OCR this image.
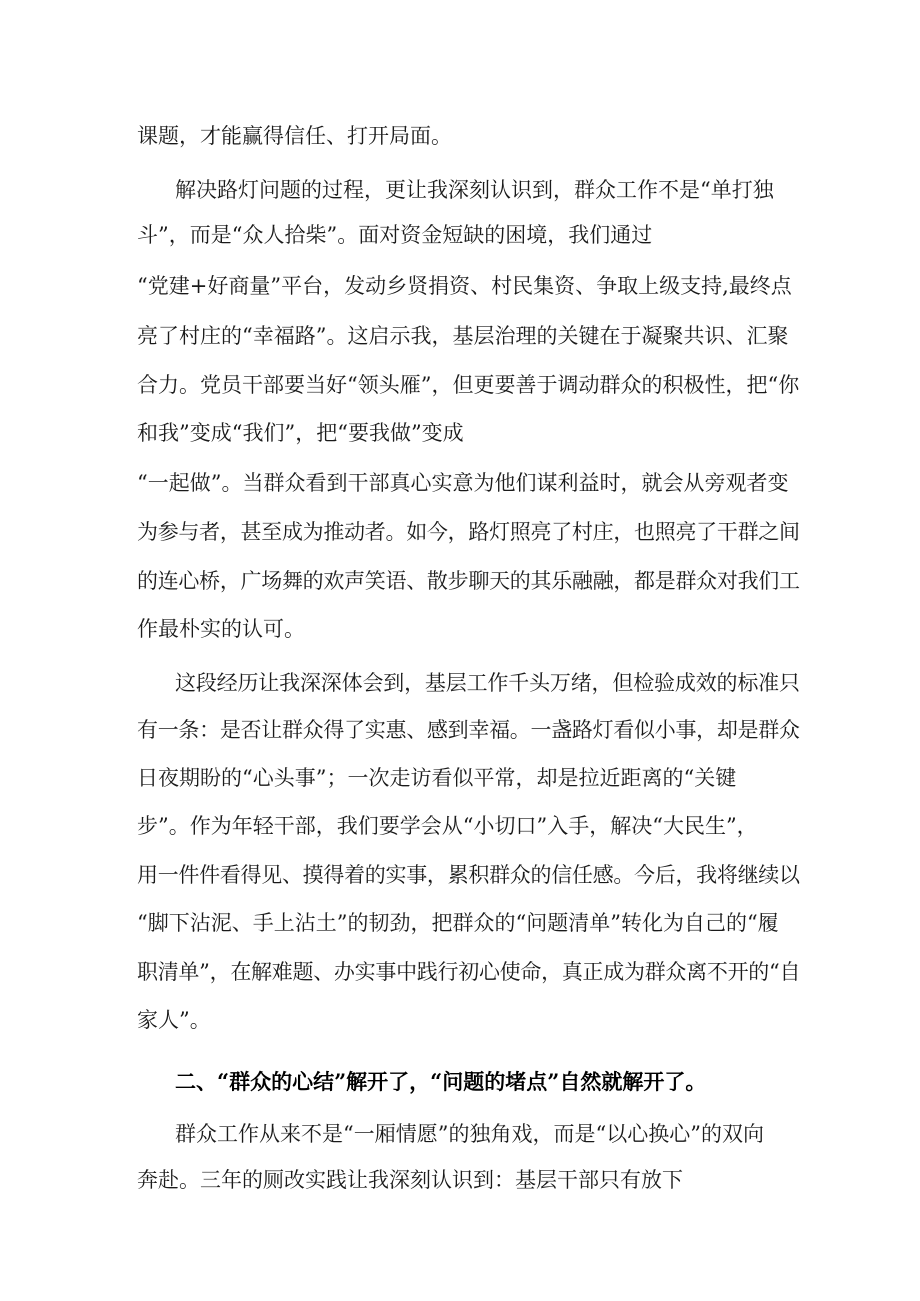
课题，才能赢得信任、打开局面。

解决路灯问题的过程，更让我深刻认识到，群众工作不是“单打独

斗”，而是“众人拾柴”。面对资金短缺的困境，我们通过

“党建+好商量”平台，发动乡贤捐资、村民集资、争取上级支持,最终点

亮了村庄的“幸福路”。这启示我，基层治理的关键在于凝聚共识、汇聚

合力。党员干部要当好“领头雁”，但更要善于调动群众的积极性，把“你

和我”变成“我们”，把“要我做”变成

“一起做”。当群众看到干部真心实意为他们谋利益时，就会从旁观者变

为参与者，甚至成为推动者。如今，路灯照亮了村庄，也照亮了干群之间

的连心桥，广场舞的欢声笑语、散步聊天的其乐融融，都是群众对我们工

作最朴实的认可。

这段经历让我深深体会到，基层工作千头万绪，但检验成效的标准只

有一条：是否让群众得了实惠、感到幸福。一盏路灯看似小事，却是群众

日夜期盼的“心头事”；一次走访看似平常，却是拉近距离的“关键

步”。作为年轻干部，我们要学会从“小切口”入手，解决“大民生”，

用一件件看得见、摸得着的实事，累积群众的信任感。今后，我将继续以

“脚下沾泥、手上沾土”的韧劲，把群众的“问题清单”转化为自己的“履

职清单”，在解难题、办实事中践行初心使命，真正成为群众离不开的“自

家人”。

二、“群众的心结”解开了，“问题的堵点”自然就解开了。

群众工作从来不是“一厢情愿”的独角戏，而是“以心换心”的双向

奔赴。三年的厕改实践让我深刻认识到：基层干部只有放下
